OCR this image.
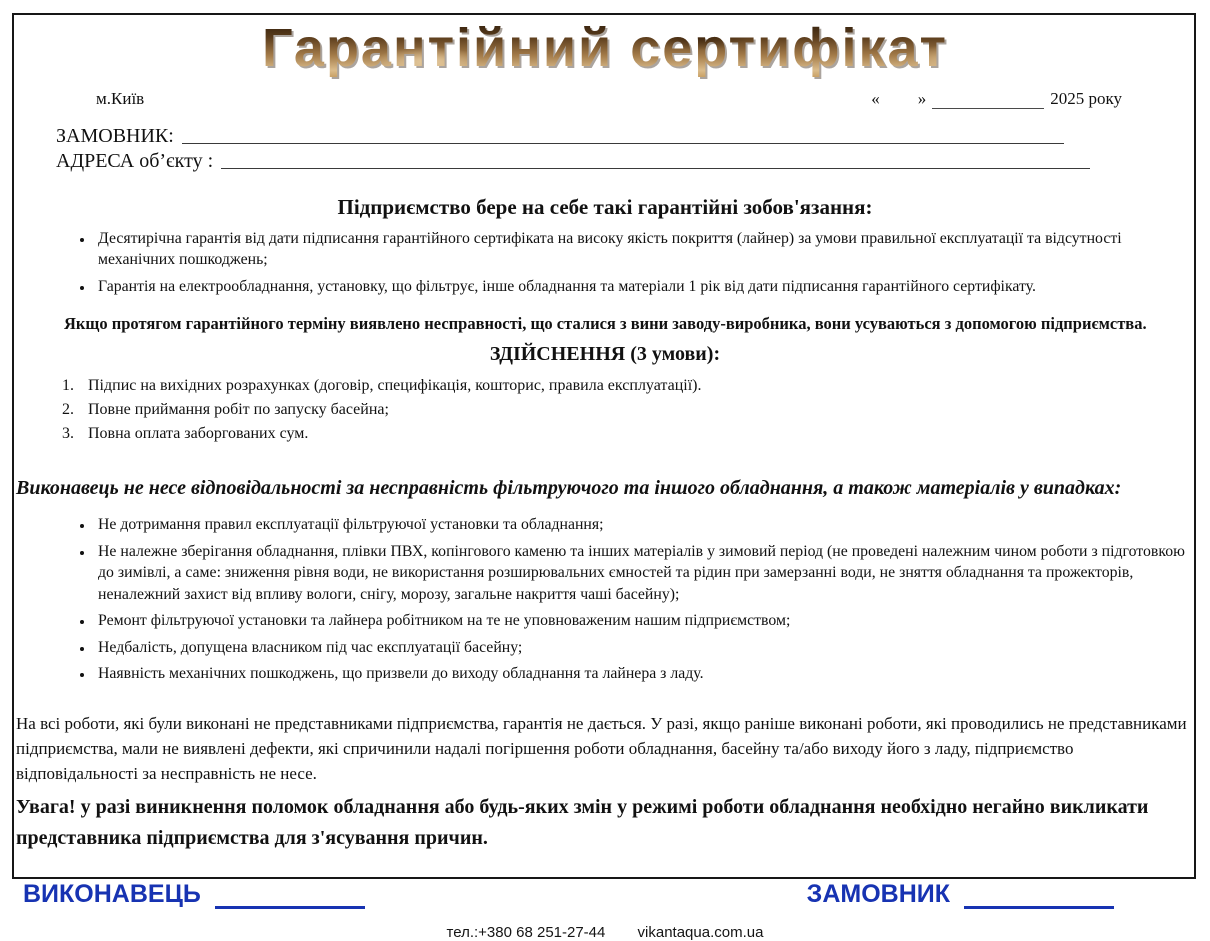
Гарантійний сертифікат
м.Київ	« »	2025 року
ЗАМОВНИК:
АДРЕСА об’єкту :
Підприємство бере на себе такі гарантійні зобов'язання:
• Десятирічна гарантія від дати підписання гарантійного сертифіката на високу якість покриття (лайнер) за умови правильної експлуатації та відсутності механічних пошкоджень;
• Гарантія на електрообладнання, установку, що фільтрує, інше обладнання та матеріали 1 рік від дати підписання гарантійного сертифікату.
Якщо протягом гарантійного терміну виявлено несправності, що сталися з вини заводу-виробника, вони усуваються з допомогою підприємства.
ЗДІЙСНЕННЯ (3 умови):
1. Підпис на вихідних розрахунках (договір, специфікація, кошторис, правила експлуатації).
2. Повне приймання робіт по запуску басейна;
3. Повна оплата заборгованих сум.
Виконавець не несе відповідальності за несправність фільтруючого та іншого обладнання, а також матеріалів у випадках:
• Не дотримання правил експлуатації фільтруючої установки та обладнання;
• Не належне зберігання обладнання, плівки ПВХ, копінгового каменю та інших матеріалів у зимовий період (не проведені належним чином роботи з підготовкою до зимівлі, а саме: зниження рівня води, не використання розширювальних ємностей та рідин при замерзанні води, не зняття обладнання та прожекторів, неналежний захист від впливу вологи, снігу, морозу, загальне накриття чаші басейну);
• Ремонт фільтруючої установки та лайнера робітником на те не уповноваженим нашим підприємством;
• Недбалість, допущена власником під час експлуатації басейну;
• Наявність механічних пошкоджень, що призвели до виходу обладнання та лайнера з ладу.
На всі роботи, які були виконані не представниками підприємства, гарантія не дається. У разі, якщо раніше виконані роботи, які проводились не представниками підприємства, мали не виявлені дефекти, які спричинили надалі погіршення роботи обладнання, басейну та/або виходу його з ладу, підприємство відповідальності за несправність не несе.
Увага! у разі виникнення поломок обладнання або будь-яких змін у режимі роботи обладнання необхідно негайно викликати представника підприємства для з'ясування причин.
ВИКОНАВЕЦЬ	ЗАМОВНИК
тел.:+380 68 251-27-44 vikantaqua.com.ua
